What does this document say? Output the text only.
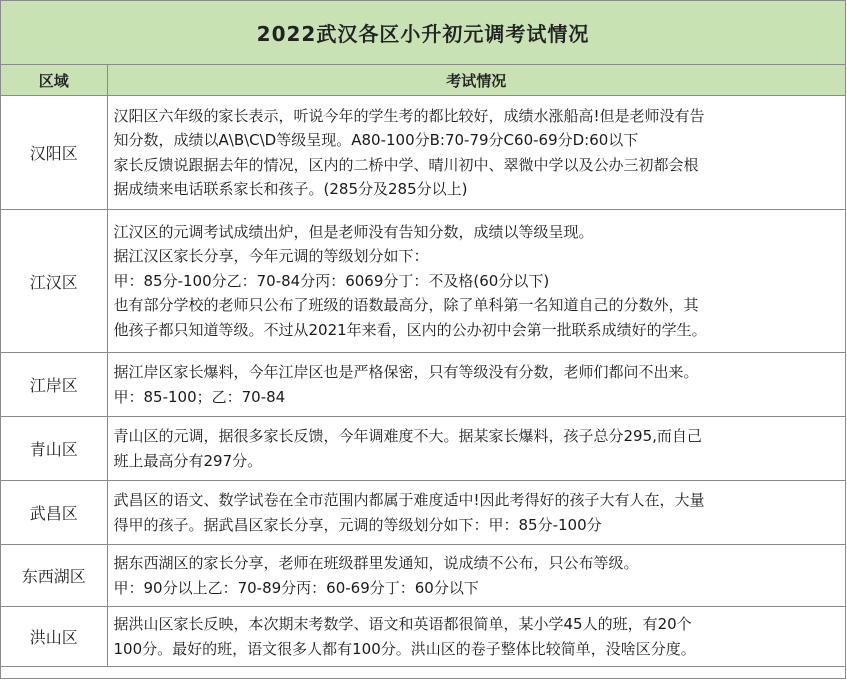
2022武汉各区小升初元调考试情况
区域	考试情况
汉阳区	汉阳区六年级的家长表示，听说今年的学生考的都比较好，成绩水涨船高!但是老师没有告
知分数，成绩以A\B\C\D等级呈现。A80-100分B:70-79分C60-69分D:60以下
家长反馈说跟据去年的情况，区内的二桥中学、晴川初中、翠微中学以及公办三初都会根
据成绩来电话联系家长和孩子。(285分及285分以上)

江汉区	江汉区的元调考试成绩出炉，但是老师没有告知分数，成绩以等级呈现。
据江汉区家长分享，今年元调的等级划分如下：
甲：85分-100分乙：70-84分丙：6069分丁：不及格(60分以下)
也有部分学校的老师只公布了班级的语数最高分，除了单科第一名知道自己的分数外，其
他孩子都只知道等级。不过从2021年来看，区内的公办初中会第一批联系成绩好的学生。

江岸区	据江岸区家长爆料，今年江岸区也是严格保密，只有等级没有分数，老师们都问不出来。
甲：85-100；乙：70-84

青山区	青山区的元调，据很多家长反馈，今年调难度不大。据某家长爆料，孩子总分295,而自己
班上最高分有297分。

武昌区	武昌区的语文、数学试卷在全市范围内都属于难度适中!因此考得好的孩子大有人在，大量
得甲的孩子。据武昌区家长分享，元调的等级划分如下：甲：85分-100分

东西湖区	据东西湖区的家长分享，老师在班级群里发通知，说成绩不公布，只公布等级。
甲：90分以上乙：70-89分丙：60-69分丁：60分以下

洪山区	据洪山区家长反映，本次期末考数学、语文和英语都很简单，某小学45人的班，有20个
100分。最好的班，语文很多人都有100分。洪山区的卷子整体比较简单，没啥区分度。
